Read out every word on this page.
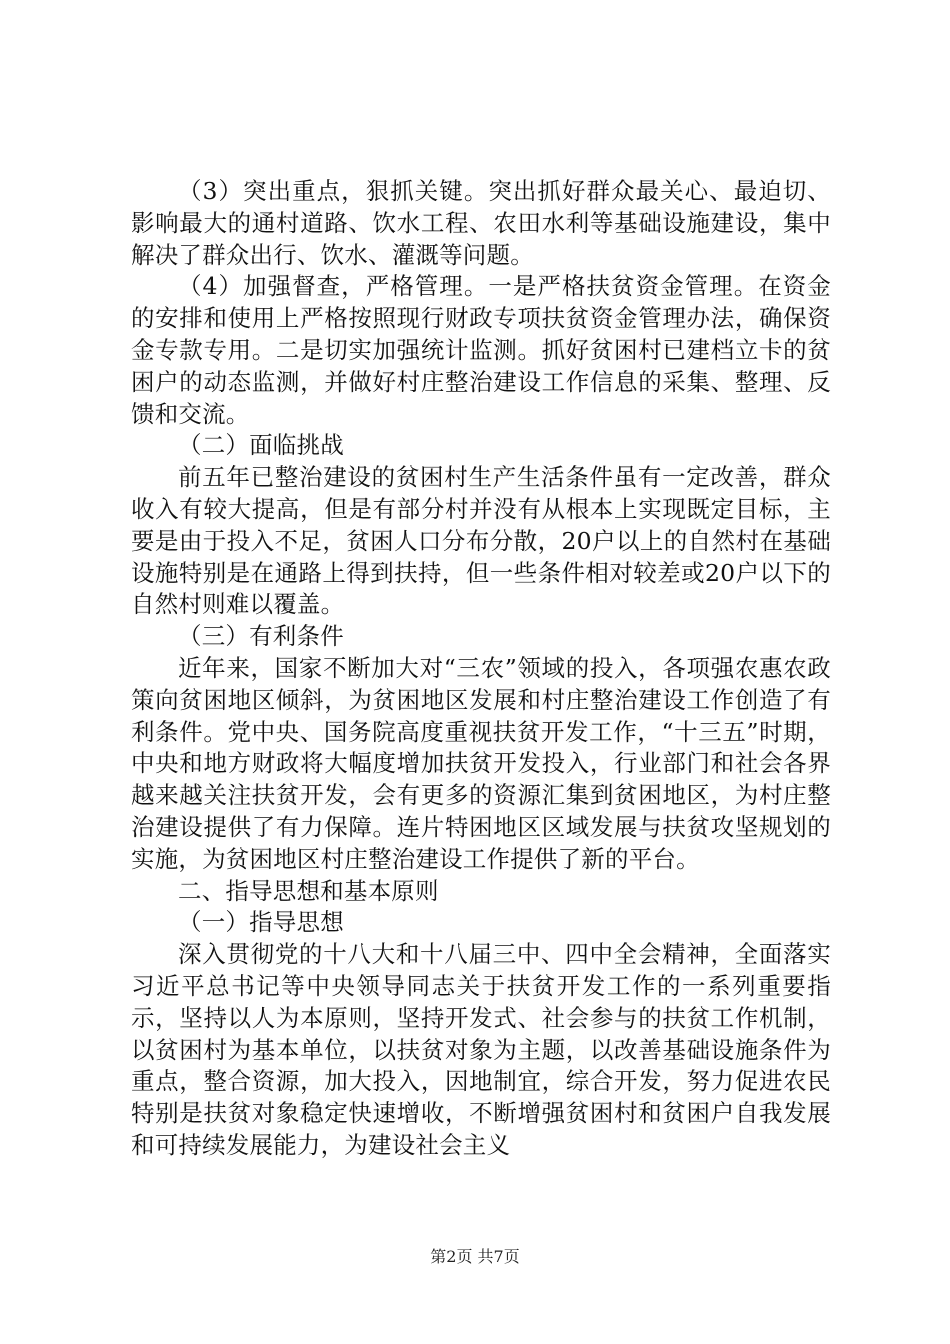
（3）突出重点，狠抓关键。突出抓好群众最关心、最迫切、影响最大的通村道路、饮水工程、农田水利等基础设施建设，集中解决了群众出行、饮水、灌溉等问题。

（4）加强督查，严格管理。一是严格扶贫资金管理。在资金的安排和使用上严格按照现行财政专项扶贫资金管理办法，确保资金专款专用。二是切实加强统计监测。抓好贫困村已建档立卡的贫困户的动态监测，并做好村庄整治建设工作信息的采集、整理、反馈和交流。

（二）面临挑战

前五年已整治建设的贫困村生产生活条件虽有一定改善，群众收入有较大提高，但是有部分村并没有从根本上实现既定目标，主要是由于投入不足，贫困人口分布分散，20户以上的自然村在基础设施特别是在通路上得到扶持，但一些条件相对较差或20户以下的自然村则难以覆盖。

（三）有利条件

近年来，国家不断加大对“三农”领域的投入，各项强农惠农政策向贫困地区倾斜，为贫困地区发展和村庄整治建设工作创造了有利条件。党中央、国务院高度重视扶贫开发工作，“十三五”时期，中央和地方财政将大幅度增加扶贫开发投入，行业部门和社会各界越来越关注扶贫开发，会有更多的资源汇集到贫困地区，为村庄整治建设提供了有力保障。连片特困地区区域发展与扶贫攻坚规划的实施，为贫困地区村庄整治建设工作提供了新的平台。

二、指导思想和基本原则

（一）指导思想

深入贯彻党的十八大和十八届三中、四中全会精神，全面落实习近平总书记等中央领导同志关于扶贫开发工作的一系列重要指示，坚持以人为本原则，坚持开发式、社会参与的扶贫工作机制，以贫困村为基本单位，以扶贫对象为主题，以改善基础设施条件为重点，整合资源，加大投入，因地制宜，综合开发，努力促进农民特别是扶贫对象稳定快速增收，不断增强贫困村和贫困户自我发展和可持续发展能力，为建设社会主义

第2页 共7页
